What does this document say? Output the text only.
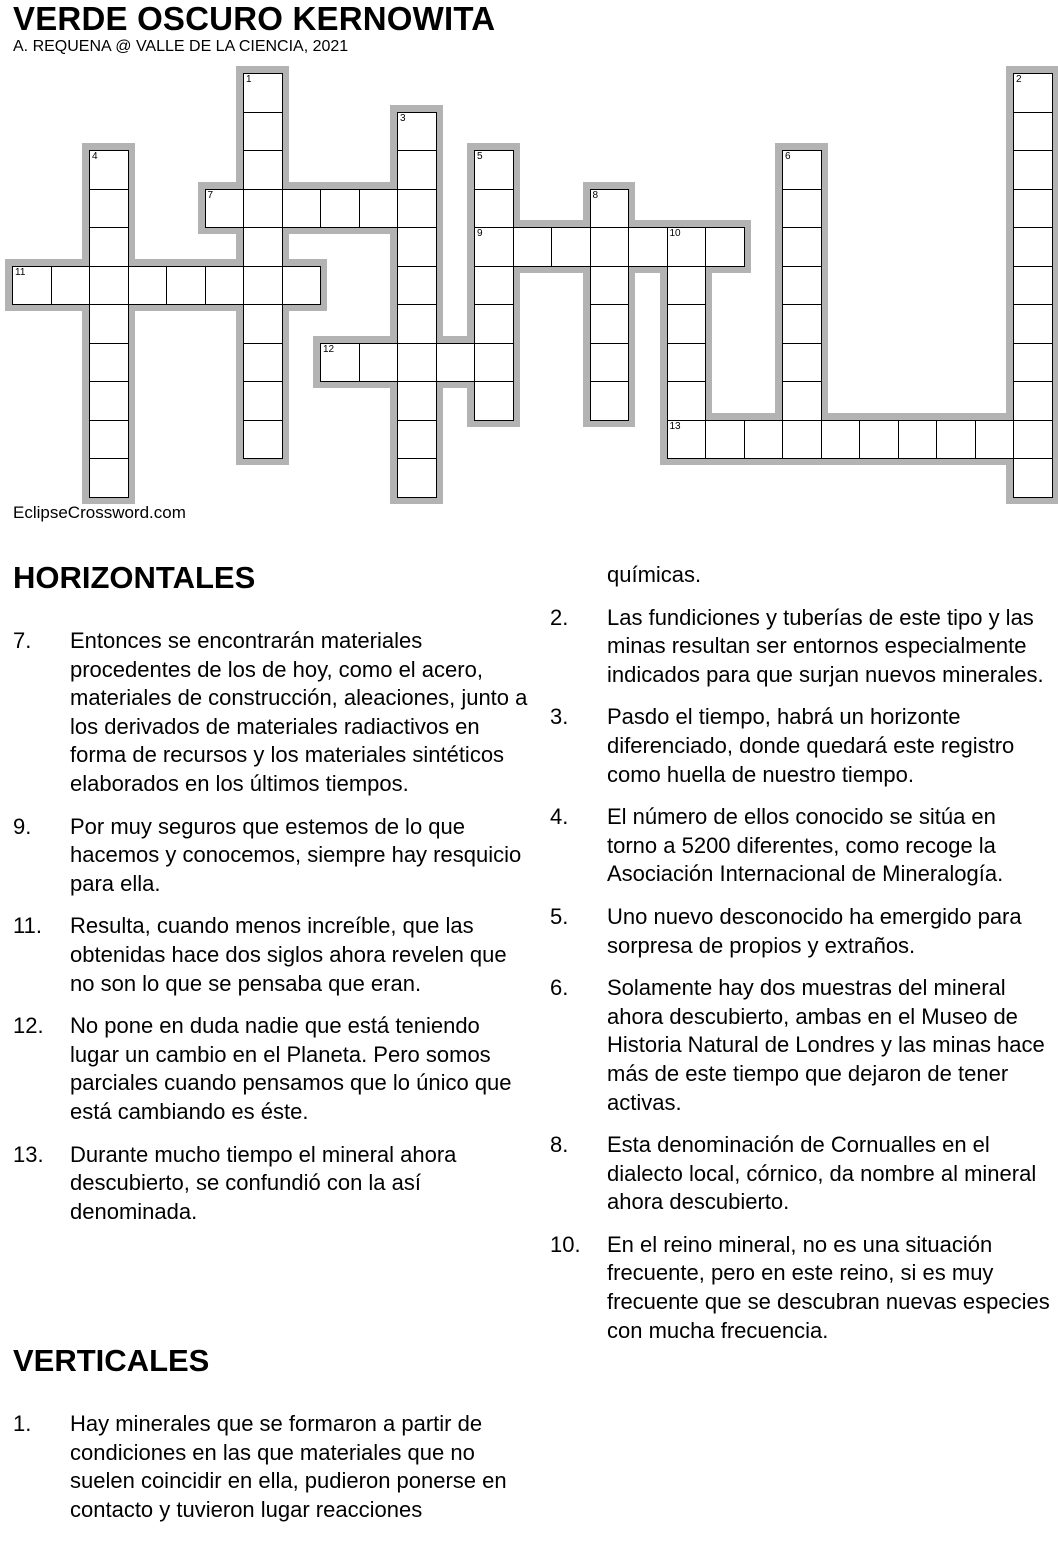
VERDE OSCURO KERNOWITA
A. REQUENA @ VALLE DE LA CIENCIA, 2021
7
9	10
11
12
13
1	2
3
4	5	6
8
EclipseCrossword.com
HORIZONTALES
7. Entonces se encontrarán materiales procedentes de los de hoy, como el acero, materiales de construcción, aleaciones, junto a los derivados de materiales radiactivos en forma de recursos y los materiales sintéticos elaborados en los últimos tiempos.
9. Por muy seguros que estemos de lo que hacemos y conocemos, siempre hay resquicio para ella.
11. Resulta, cuando menos increíble, que las obtenidas hace dos siglos ahora revelen que no son lo que se pensaba que eran.
12. No pone en duda nadie que está teniendo lugar un cambio en el Planeta. Pero somos parciales cuando pensamos que lo único que está cambiando es éste.
13. Durante mucho tiempo el mineral ahora descubierto, se confundió con la así denominada.
VERTICALES
1. Hay minerales que se formaron a partir de condiciones en las que materiales que no suelen coincidir en ella, pudieron ponerse en contacto y tuvieron lugar reacciones
químicas.
2. Las fundiciones y tuberías de este tipo y las minas resultan ser entornos especialmente indicados para que surjan nuevos minerales.
3. Pasdo el tiempo, habrá un horizonte diferenciado, donde quedará este registro como huella de nuestro tiempo.
4. El número de ellos conocido se sitúa en torno a 5200 diferentes, como recoge la Asociación Internacional de Mineralogía.
5. Uno nuevo desconocido ha emergido para sorpresa de propios y extraños.
6. Solamente hay dos muestras del mineral ahora descubierto, ambas en el Museo de Historia Natural de Londres y las minas hace más de este tiempo que dejaron de tener activas.
8. Esta denominación de Cornualles en el dialecto local, córnico, da nombre al mineral ahora descubierto.
10. En el reino mineral, no es una situación frecuente, pero en este reino, si es muy frecuente que se descubran nuevas especies con mucha frecuencia.
